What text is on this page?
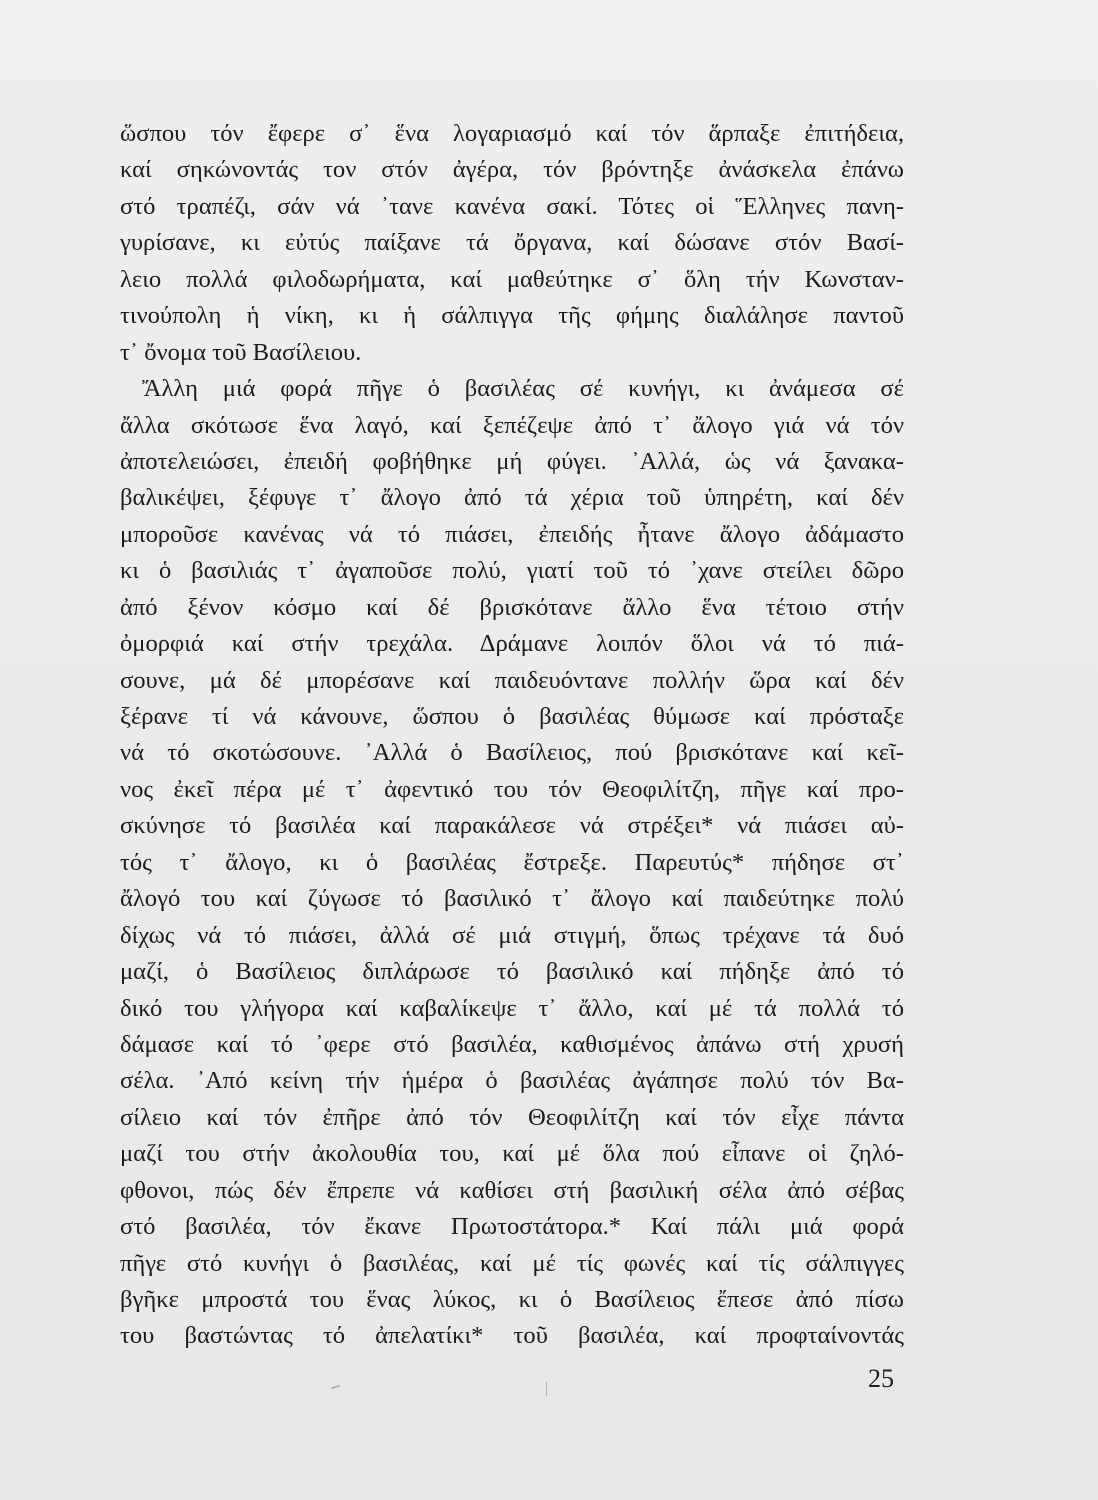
ὥσπου τόν ἔφερε σ᾽ ἕνα λογαριασμό καί τόν ἅρπαξε ἐπιτήδεια,
καί σηκώνοντάς τον στόν ἀγέρα, τόν βρόντηξε ἀνάσκελα ἐπάνω
στό τραπέζι, σάν νά ᾽τανε κανένα σακί. Τότες οἱ Ἕλληνες πανη-
γυρίσανε, κι εὐτύς παίξανε τά ὄργανα, καί δώσανε στόν Βασί-
λειο πολλά φιλοδωρήματα, καί μαθεύτηκε σ᾽ ὅλη τήν Κωνσταν-
τινούπολη ἡ νίκη, κι ἡ σάλπιγγα τῆς φήμης διαλάλησε παντοῦ
τ᾽ ὄνομα τοῦ Βασίλειου.
Ἄλλη μιά φορά πῆγε ὁ βασιλέας σέ κυνήγι, κι ἀνάμεσα σέ
ἄλλα σκότωσε ἕνα λαγό, καί ξεπέζεψε ἀπό τ᾽ ἄλογο γιά νά τόν
ἀποτελειώσει, ἐπειδή φοβήθηκε μή φύγει. ᾽Αλλά, ὡς νά ξανακα-
βαλικέψει, ξέφυγε τ᾽ ἄλογο ἀπό τά χέρια τοῦ ὑπηρέτη, καί δέν
μποροῦσε κανένας νά τό πιάσει, ἐπειδής ἦτανε ἄλογο ἀδάμαστο
κι ὁ βασιλιάς τ᾽ ἀγαποῦσε πολύ, γιατί τοῦ τό ᾽χανε στείλει δῶρο
ἀπό ξένον κόσμο καί δέ βρισκότανε ἄλλο ἕνα τέτοιο στήν
ὀμορφιά καί στήν τρεχάλα. Δράμανε λοιπόν ὅλοι νά τό πιά-
σουνε, μά δέ μπορέσανε καί παιδευόντανε πολλήν ὥρα καί δέν
ξέρανε τί νά κάνουνε, ὥσπου ὁ βασιλέας θύμωσε καί πρόσταξε
νά τό σκοτώσουνε. ᾽Αλλά ὁ Βασίλειος, πού βρισκότανε καί κεῖ-
νος ἐκεῖ πέρα μέ τ᾽ ἀφεντικό του τόν Θεοφιλίτζη, πῆγε καί προ-
σκύνησε τό βασιλέα καί παρακάλεσε νά στρέξει* νά πιάσει αὐ-
τός τ᾽ ἄλογο, κι ὁ βασιλέας ἔστρεξε. Παρευτύς* πήδησε στ᾽
ἄλογό του καί ζύγωσε τό βασιλικό τ᾽ ἄλογο καί παιδεύτηκε πολύ
δίχως νά τό πιάσει, ἀλλά σέ μιά στιγμή, ὅπως τρέχανε τά δυό
μαζί, ὁ Βασίλειος διπλάρωσε τό βασιλικό καί πήδηξε ἀπό τό
δικό του γλήγορα καί καβαλίκεψε τ᾽ ἄλλο, καί μέ τά πολλά τό
δάμασε καί τό ᾽φερε στό βασιλέα, καθισμένος ἀπάνω στή χρυσή
σέλα. ᾽Από κείνη τήν ἡμέρα ὁ βασιλέας ἀγάπησε πολύ τόν Βα-
σίλειο καί τόν ἐπῆρε ἀπό τόν Θεοφιλίτζη καί τόν εἶχε πάντα
μαζί του στήν ἀκολουθία του, καί μέ ὅλα πού εἶπανε οἱ ζηλό-
φθονοι, πώς δέν ἔπρεπε νά καθίσει στή βασιλική σέλα ἀπό σέβας
στό βασιλέα, τόν ἔκανε Πρωτοστάτορα.* Καί πάλι μιά φορά
πῆγε στό κυνήγι ὁ βασιλέας, καί μέ τίς φωνές καί τίς σάλπιγγες
βγῆκε μπροστά του ἕνας λύκος, κι ὁ Βασίλειος ἔπεσε ἀπό πίσω
του βαστώντας τό ἀπελατίκι* τοῦ βασιλέα, καί προφταίνοντάς
25
